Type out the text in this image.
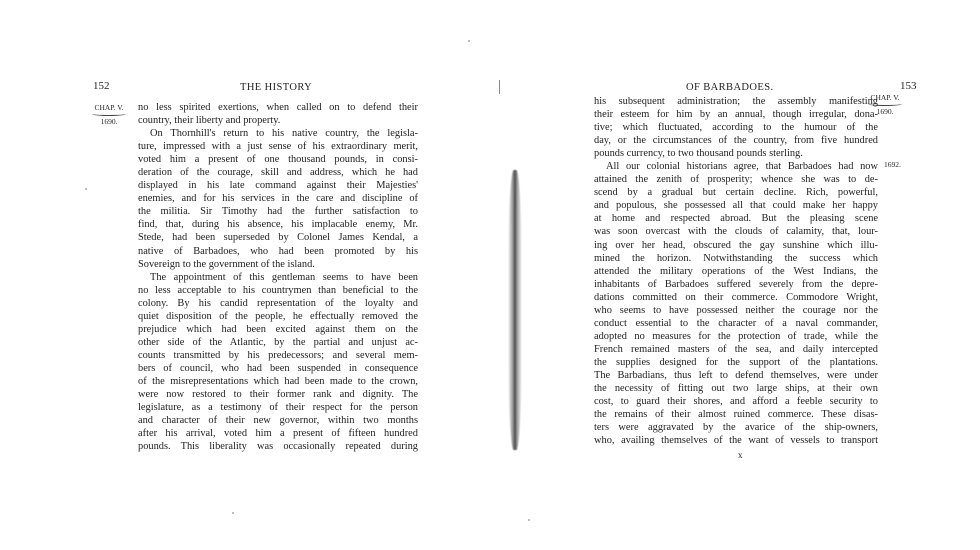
152	THE HISTORY
CHAP. V.
1690.
no less spirited exertions, when called on to defend their
country, their liberty and property.
On Thornhill's return to his native country, the legisla-
ture, impressed with a just sense of his extraordinary merit,
voted him a present of one thousand pounds, in consi-
deration of the courage, skill and address, which he had
displayed in his late command against their Majesties'
enemies, and for his services in the care and discipline of
the militia. Sir Timothy had the further satisfaction to
find, that, during his absence, his implacable enemy, Mr.
Stede, had been superseded by Colonel James Kendal, a
native of Barbadoes, who had been promoted by his
Sovereign to the government of the island.
The appointment of this gentleman seems to have been
no less acceptable to his countrymen than beneficial to the
colony. By his candid representation of the loyalty and
quiet disposition of the people, he effectually removed the
prejudice which had been excited against them on the
other side of the Atlantic, by the partial and unjust ac-
counts transmitted by his predecessors; and several mem-
bers of council, who had been suspended in consequence
of the misrepresentations which had been made to the crown,
were now restored to their former rank and dignity. The
legislature, as a testimony of their respect for the person
and character of their new governor, within two months
after his arrival, voted him a present of fifteen hundred
pounds. This liberality was occasionally repeated during
OF BARBADOES.	153
CHAP. V.
1690.
1692.
his subsequent administration; the assembly manifesting
their esteem for him by an annual, though irregular, dona-
tive; which fluctuated, according to the humour of the
day, or the circumstances of the country, from five hundred
pounds currency, to two thousand pounds sterling.
All our colonial historians agree, that Barbadoes had now
attained the zenith of prosperity; whence she was to de-
scend by a gradual but certain decline. Rich, powerful,
and populous, she possessed all that could make her happy
at home and respected abroad. But the pleasing scene
was soon overcast with the clouds of calamity, that, lour-
ing over her head, obscured the gay sunshine which illu-
mined the horizon. Notwithstanding the success which
attended the military operations of the West Indians, the
inhabitants of Barbadoes suffered severely from the depre-
dations committed on their commerce. Commodore Wright,
who seems to have possessed neither the courage nor the
conduct essential to the character of a naval commander,
adopted no measures for the protection of trade, while the
French remained masters of the sea, and daily intercepted
the supplies designed for the support of the plantations.
The Barbadians, thus left to defend themselves, were under
the necessity of fitting out two large ships, at their own
cost, to guard their shores, and afford a feeble security to
the remains of their almost ruined commerce. These disas-
ters were aggravated by the avarice of the ship-owners,
who, availing themselves of the want of vessels to transport
x
